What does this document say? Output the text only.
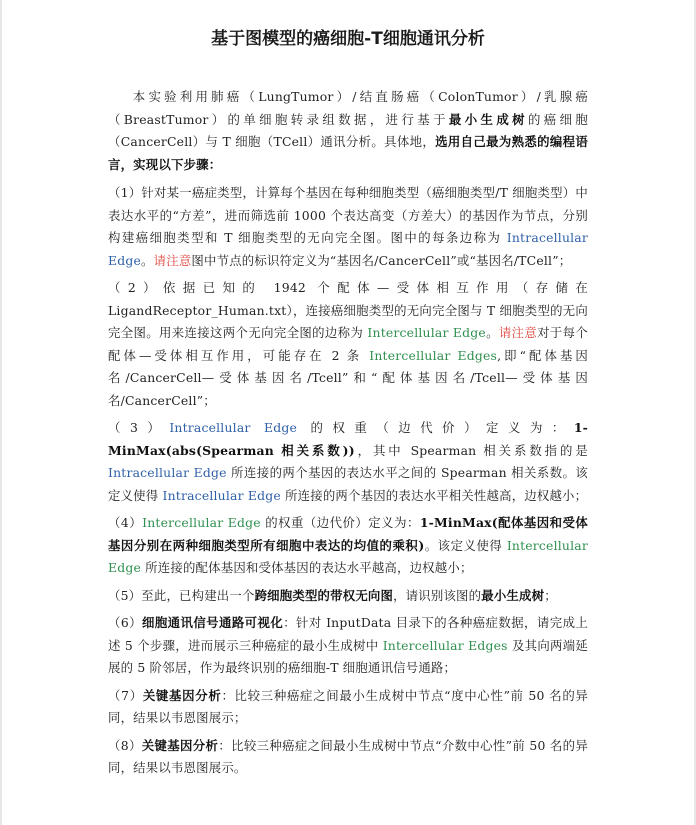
基于图模型的癌细胞-T细胞通讯分析

本实验利用肺癌（LungTumor）/结直肠癌（ColonTumor）/乳腺癌（BreastTumor）的单细胞转录组数据，进行基于最小生成树的癌细胞（CancerCell）与 T 细胞（TCell）通讯分析。具体地，选用自己最为熟悉的编程语言，实现以下步骤：

（1）针对某一癌症类型，计算每个基因在每种细胞类型（癌细胞类型/T 细胞类型）中表达水平的“方差”，进而筛选前 1000 个表达高变（方差大）的基因作为节点，分别构建癌细胞类型和 T 细胞类型的无向完全图。图中的每条边称为 Intracellular Edge。请注意图中节点的标识符定义为“基因名/CancerCell”或“基因名/TCell”；

（2）依据已知的 1942 个配体—受体相互作用（存储在 LigandReceptor_Human.txt），连接癌细胞类型的无向完全图与 T 细胞类型的无向完全图。用来连接这两个无向完全图的边称为 Intercellular Edge。请注意对于每个配体—受体相互作用，可能存在 2 条 Intercellular Edges,即“配体基因名/CancerCell—受体基因名/Tcell”和“配体基因名/Tcell—受体基因名/CancerCell”；

（3）Intracellular Edge 的权重（边代价）定义为：1-MinMax(abs(Spearman 相关系数))，其中 Spearman 相关系数指的是 Intracellular Edge 所连接的两个基因的表达水平之间的 Spearman 相关系数。该定义使得 Intracellular Edge 所连接的两个基因的表达水平相关性越高，边权越小；

（4）Intercellular Edge 的权重（边代价）定义为：1-MinMax(配体基因和受体基因分别在两种细胞类型所有细胞中表达的均值的乘积)。该定义使得 Intercellular Edge 所连接的配体基因和受体基因的表达水平越高，边权越小；

（5）至此，已构建出一个跨细胞类型的带权无向图，请识别该图的最小生成树；

（6）细胞通讯信号通路可视化：针对 InputData 目录下的各种癌症数据，请完成上述 5 个步骤，进而展示三种癌症的最小生成树中 Intercellular Edges 及其向两端延展的 5 阶邻居，作为最终识别的癌细胞-T 细胞通讯信号通路；

（7）关键基因分析：比较三种癌症之间最小生成树中节点“度中心性”前 50 名的异同，结果以韦恩图展示；

（8）关键基因分析：比较三种癌症之间最小生成树中节点“介数中心性”前 50 名的异同，结果以韦恩图展示。
